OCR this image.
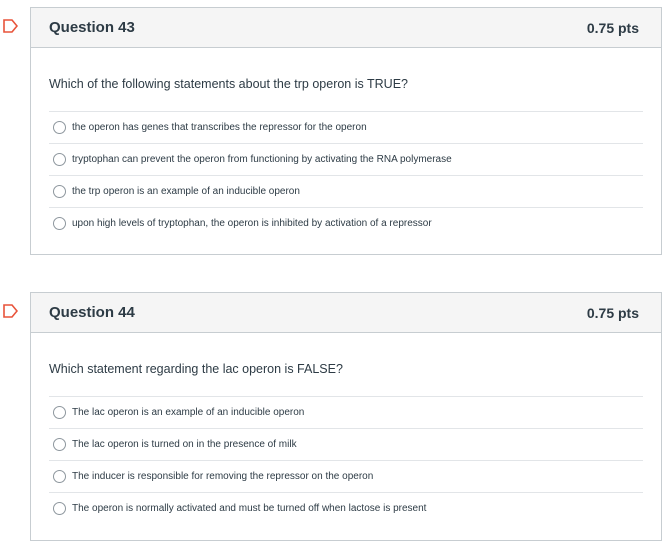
Question 43	0.75 pts
Which of the following statements about the trp operon is TRUE?
the operon has genes that transcribes the repressor for the operon
tryptophan can prevent the operon from functioning by activating the RNA polymerase
the trp operon is an example of an inducible operon
upon high levels of tryptophan, the operon is inhibited by activation of a repressor
Question 44	0.75 pts
Which statement regarding the lac operon is FALSE?
The lac operon is an example of an inducible operon
The lac operon is turned on in the presence of milk
The inducer is responsible for removing the repressor on the operon
The operon is normally activated and must be turned off when lactose is present
